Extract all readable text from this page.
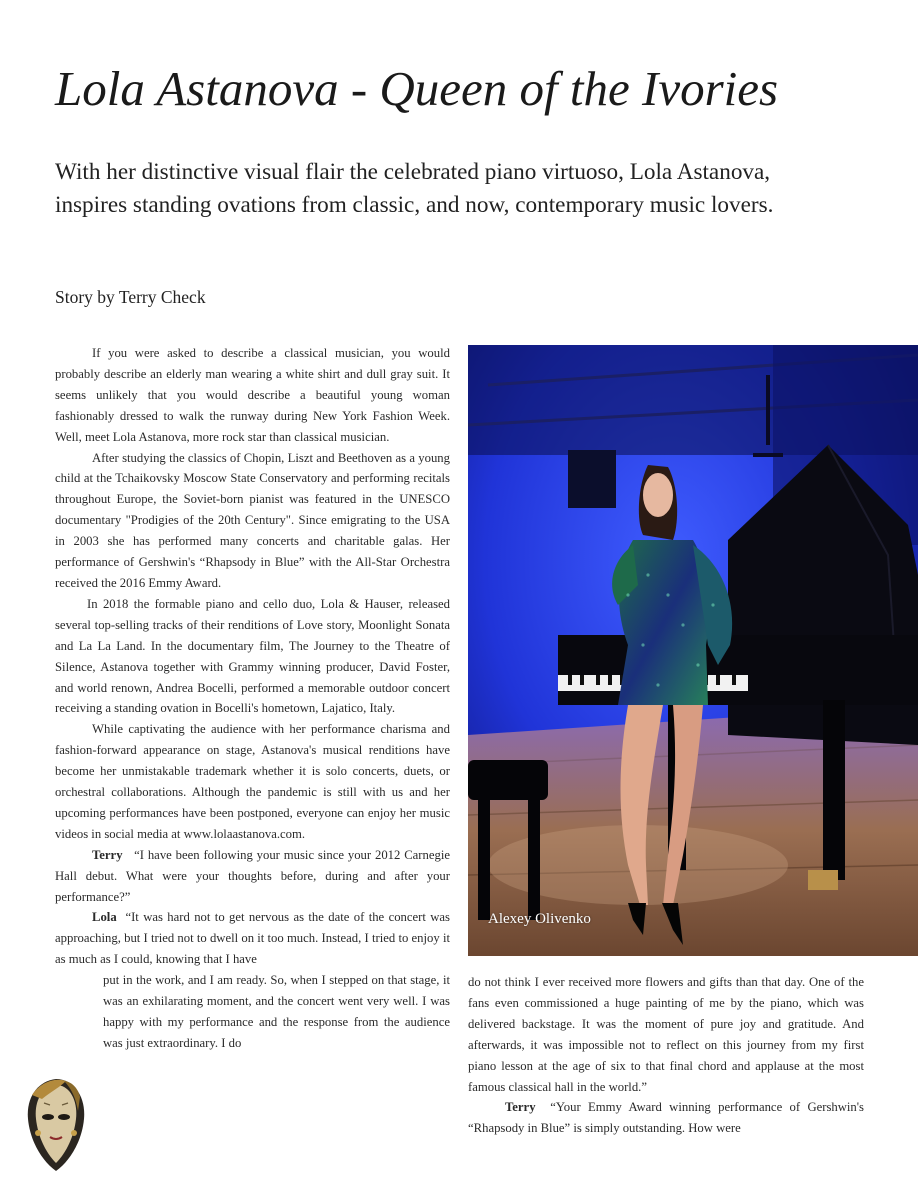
Lola Astanova - Queen of the Ivories

With her distinctive visual flair the celebrated piano virtuoso, Lola Astanova, inspires standing ovations from classic, and now, contemporary music lovers.

Story by Terry Check

If you were asked to describe a classical musician, you would probably describe an elderly man wearing a white shirt and dull gray suit. It seems unlikely that you would describe a beautiful young woman fashionably dressed to walk the runway during New York Fashion Week. Well, meet Lola Astanova, more rock star than classical musician.

After studying the classics of Chopin, Liszt and Beethoven as a young child at the Tchaikovsky Moscow State Conservatory and performing recitals throughout Europe, the Soviet-born pianist was featured in the UNESCO documentary "Prodigies of the 20th Century". Since emigrating to the USA in 2003 she has performed many concerts and charitable galas. Her performance of Gershwin's “Rhapsody in Blue” with the All-Star Orchestra received the 2016 Emmy Award.

In 2018 the formable piano and cello duo, Lola & Hauser, released several top-selling tracks of their renditions of Love story, Moonlight Sonata and La La Land. In the documentary film, The Journey to the Theatre of Silence, Astanova together with Grammy winning producer, David Foster, and world renown, Andrea Bocelli, performed a memorable outdoor concert receiving a standing ovation in Bocelli's hometown, Lajatico, Italy.

While captivating the audience with her performance charisma and fashion-forward appearance on stage, Astanova's musical renditions have become her unmistakable trademark whether it is solo concerts, duets, or orchestral collaborations. Although the pandemic is still with us and her upcoming performances have been postponed, everyone can enjoy her music videos in social media at www.lolaastanova.com.

Terry “I have been following your music since your 2012 Carnegie Hall debut. What were your thoughts before, during and after your performance?”

Lola “It was hard not to get nervous as the date of the concert was approaching, but I tried not to dwell on it too much. Instead, I tried to enjoy it as much as I could, knowing that I have

put in the work, and I am ready. So, when I stepped on that stage, it was an exhilarating moment, and the concert went very well. I was happy with my performance and the response from the audience was just extraordinary. I do

Alexey Olivenko

do not think I ever received more flowers and gifts than that day. One of the fans even commissioned a huge painting of me by the piano, which was delivered backstage. It was the moment of pure joy and gratitude. And afterwards, it was impossible not to reflect on this journey from my first piano lesson at the age of six to that final chord and applause at the most famous classical hall in the world.”

Terry “Your Emmy Award winning performance of Gershwin's “Rhapsody in Blue” is simply outstanding. How were
